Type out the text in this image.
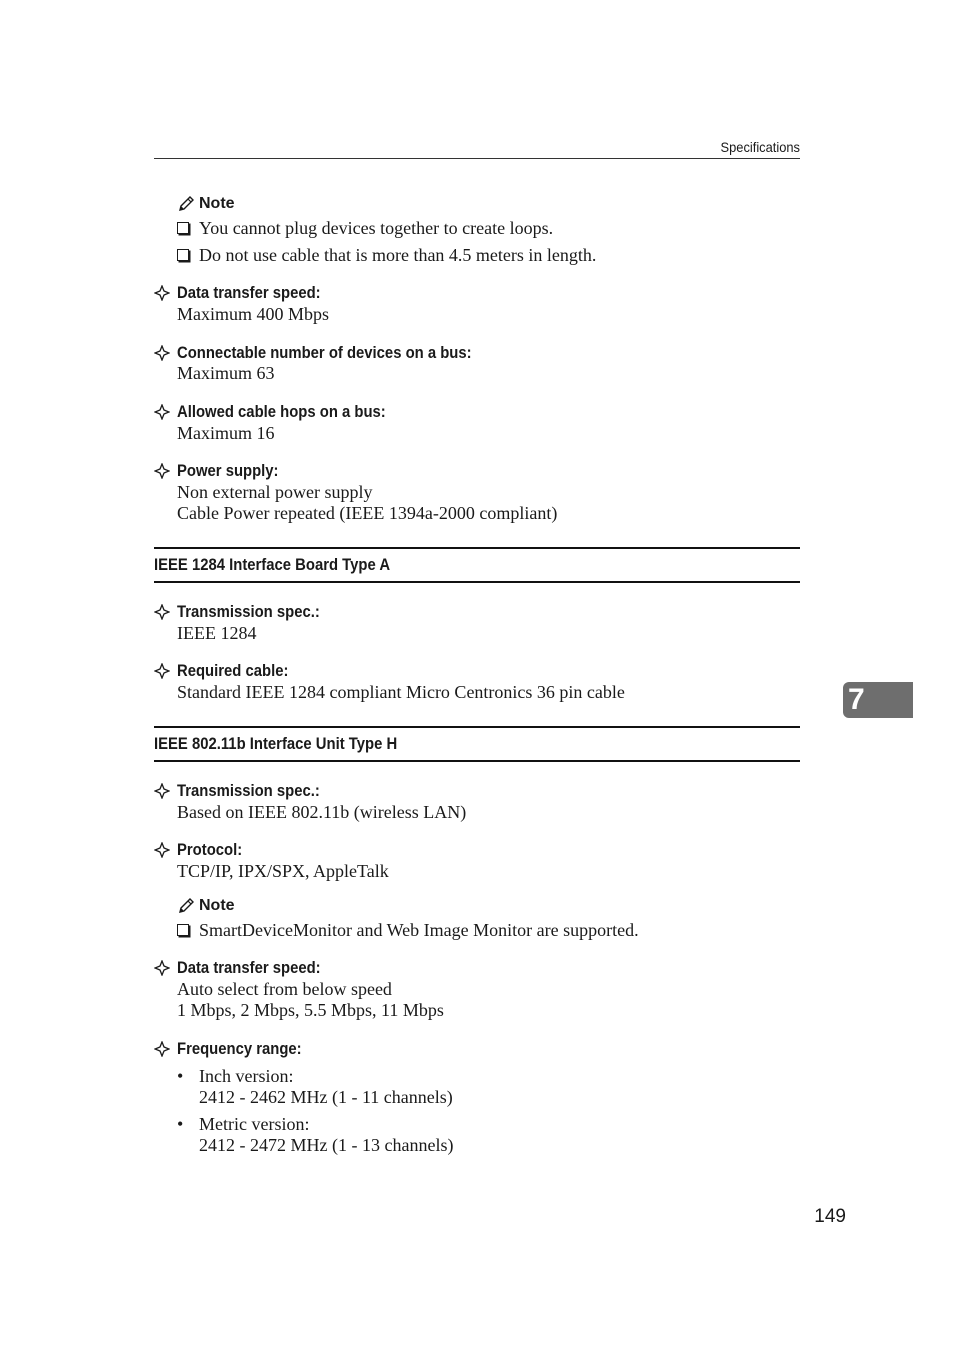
Specifications
Note
You cannot plug devices together to create loops.
Do not use cable that is more than 4.5 meters in length.
Data transfer speed:
Maximum 400 Mbps
Connectable number of devices on a bus:
Maximum 63
Allowed cable hops on a bus:
Maximum 16
Power supply:
Non external power supply
Cable Power repeated (IEEE 1394a-2000 compliant)
IEEE 1284 Interface Board Type A
Transmission spec.:
IEEE 1284
Required cable:
Standard IEEE 1284 compliant Micro Centronics 36 pin cable
IEEE 802.11b Interface Unit Type H
Transmission spec.:
Based on IEEE 802.11b (wireless LAN)
Protocol:
TCP/IP, IPX/SPX, AppleTalk
Note
SmartDeviceMonitor and Web Image Monitor are supported.
Data transfer speed:
Auto select from below speed
1 Mbps, 2 Mbps, 5.5 Mbps, 11 Mbps
Frequency range:
• Inch version:
2412 - 2462 MHz (1 - 11 channels)
• Metric version:
2412 - 2472 MHz (1 - 13 channels)
7
149
